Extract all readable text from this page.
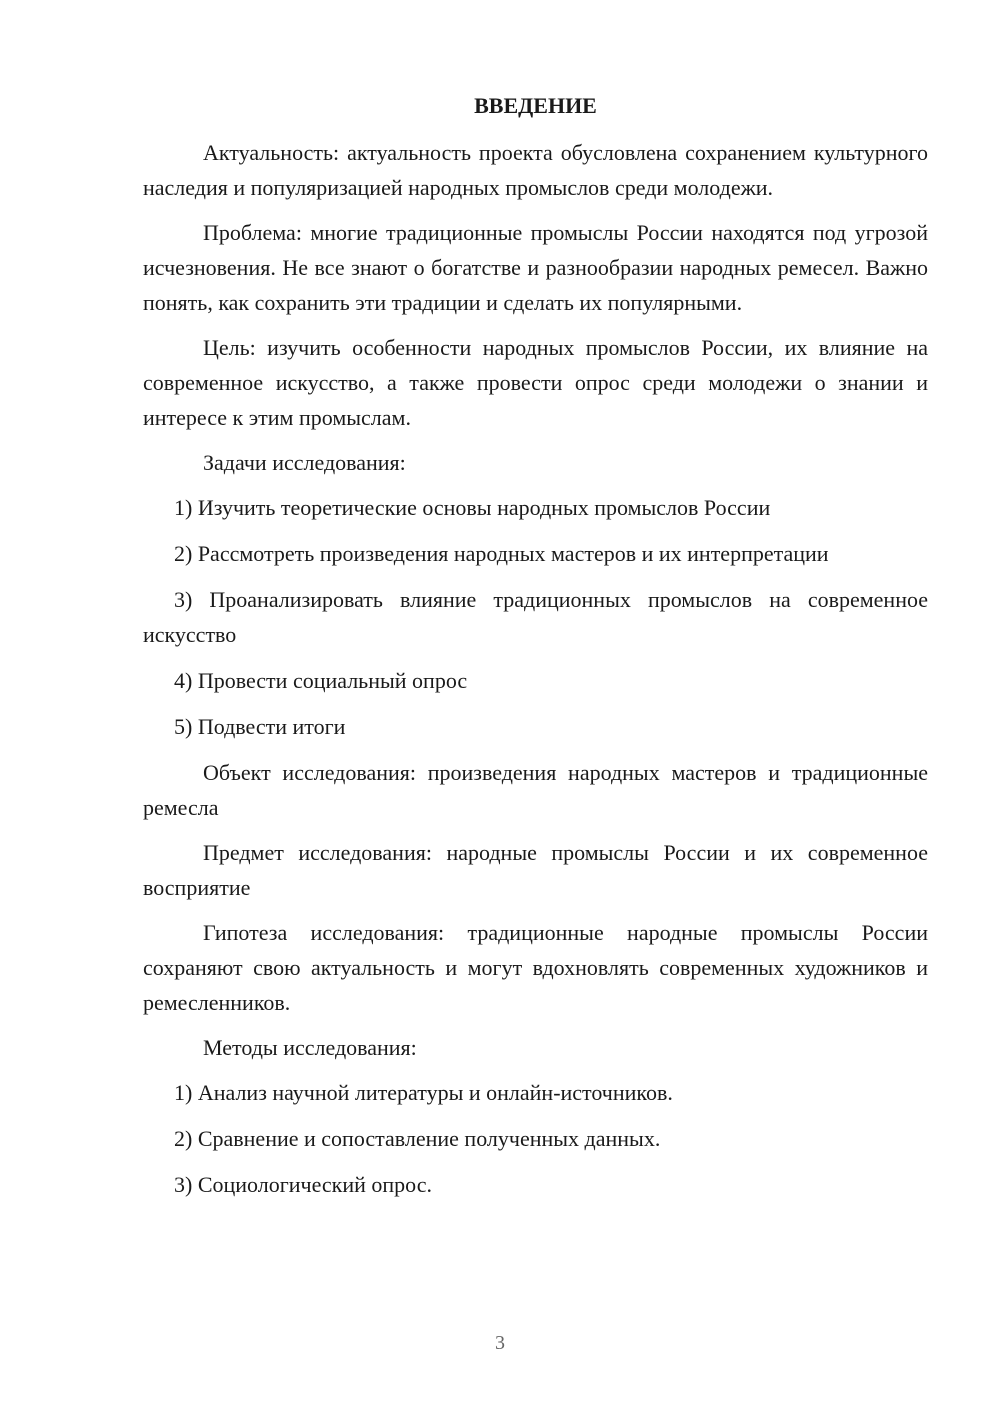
ВВЕДЕНИЕ

Актуальность: актуальность проекта обусловлена сохранением культурного наследия и популяризацией народных промыслов среди молодежи.

Проблема: многие традиционные промыслы России находятся под угрозой исчезновения. Не все знают о богатстве и разнообразии народных ремесел. Важно понять, как сохранить эти традиции и сделать их популярными.

Цель: изучить особенности народных промыслов России, их влияние на современное искусство, а также провести опрос среди молодежи о знании и интересе к этим промыслам.

Задачи исследования:

1) Изучить теоретические основы народных промыслов России

2) Рассмотреть произведения народных мастеров и их интерпретации

3) Проанализировать влияние традиционных промыслов на современное искусство

4) Провести социальный опрос

5) Подвести итоги

Объект исследования: произведения народных мастеров и традиционные ремесла

Предмет исследования: народные промыслы России и их современное восприятие

Гипотеза исследования: традиционные народные промыслы России сохраняют свою актуальность и могут вдохновлять современных художников и ремесленников.

Методы исследования:

1) Анализ научной литературы и онлайн-источников.

2) Сравнение и сопоставление полученных данных.

3) Социологический опрос.

3
